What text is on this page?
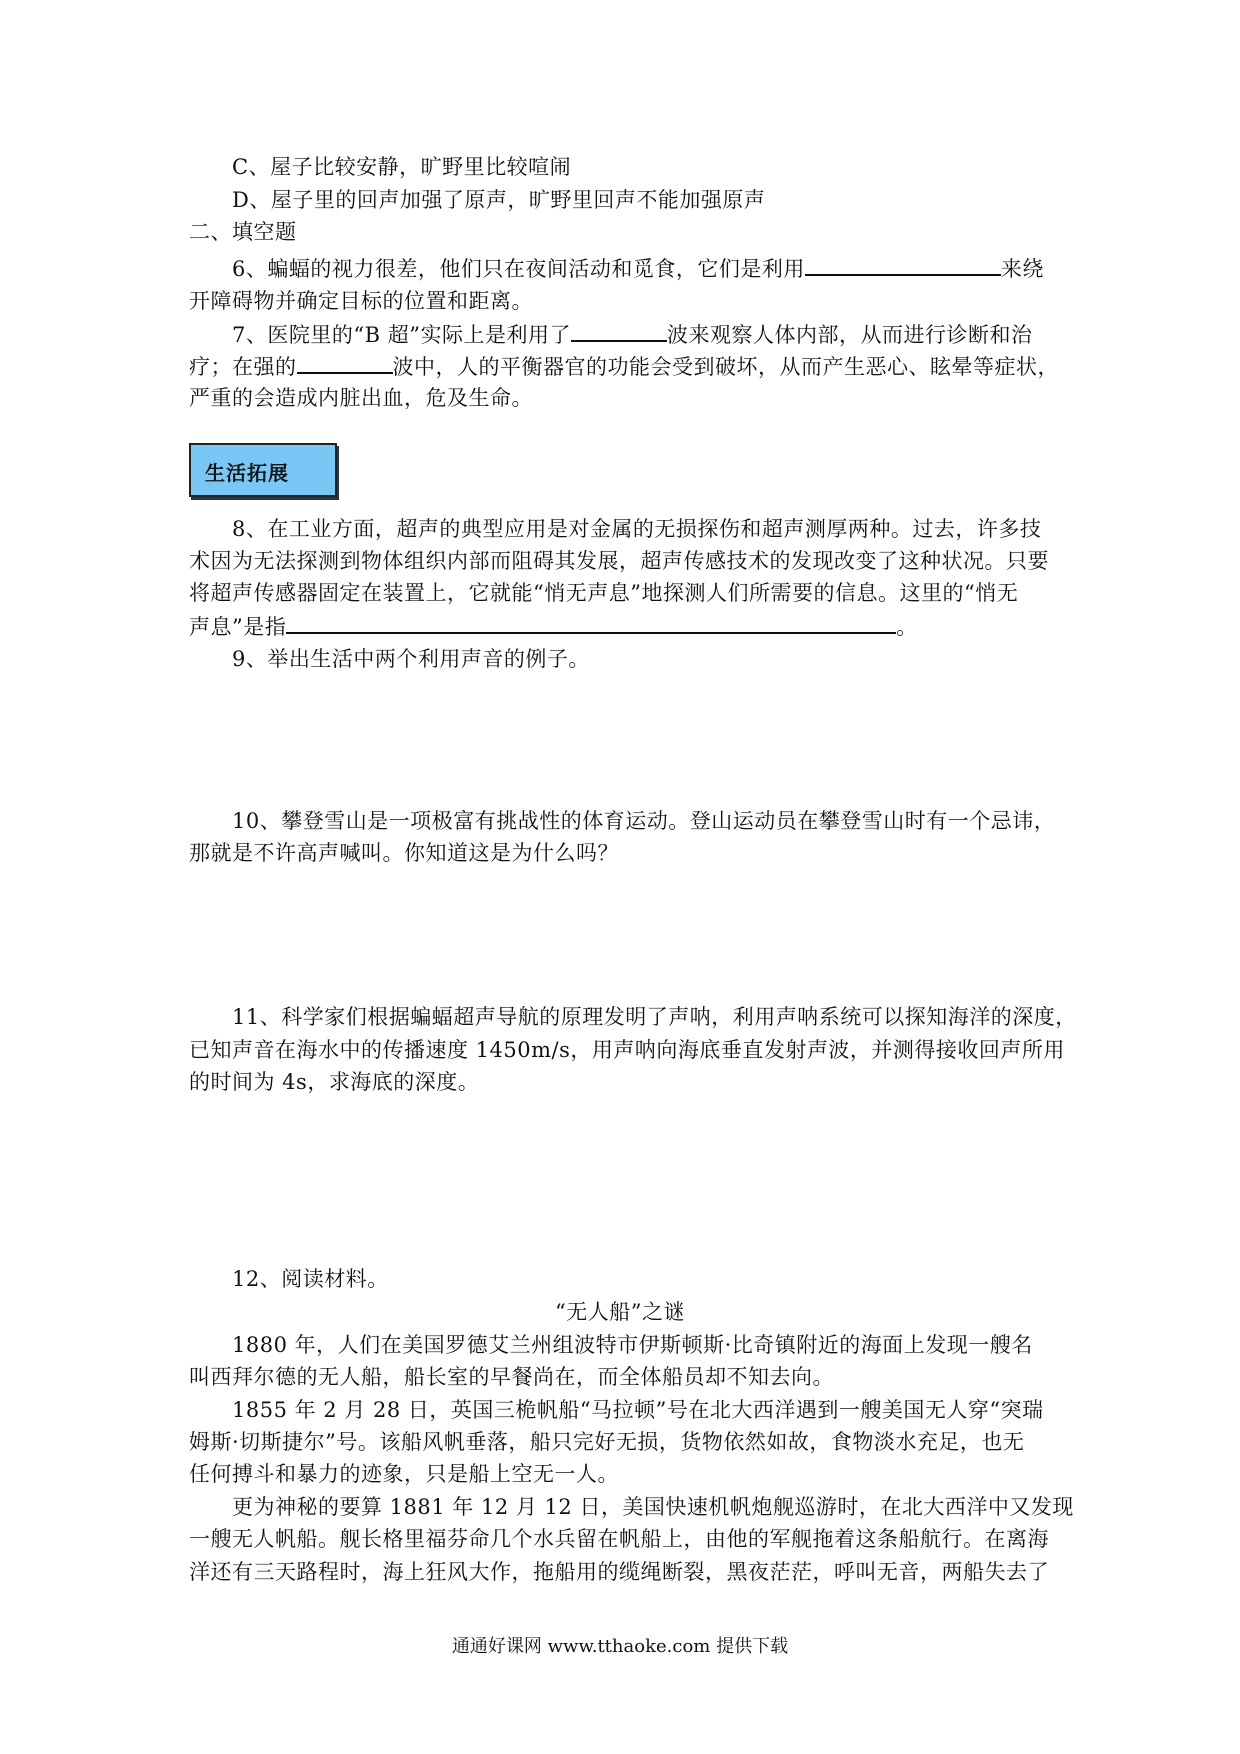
C、屋子比较安静，旷野里比较喧闹
D、屋子里的回声加强了原声，旷野里回声不能加强原声
二、填空题
6、蝙蝠的视力很差，他们只在夜间活动和觅食，它们是利用	来绕
开障碍物并确定目标的位置和距离。
7、医院里的“B 超”实际上是利用了	波来观察人体内部，从而进行诊断和治
疗；在强的	波中，人的平衡器官的功能会受到破坏，从而产生恶心、眩晕等症状，
严重的会造成内脏出血，危及生命。
生活拓展
8、在工业方面，超声的典型应用是对金属的无损探伤和超声测厚两种。过去，许多技
术因为无法探测到物体组织内部而阻碍其发展，超声传感技术的发现改变了这种状况。只要
将超声传感器固定在装置上，它就能“悄无声息”地探测人们所需要的信息。这里的“悄无
声息”是指	。
9、举出生活中两个利用声音的例子。
10、攀登雪山是一项极富有挑战性的体育运动。登山运动员在攀登雪山时有一个忌讳，
那就是不许高声喊叫。你知道这是为什么吗？
11、科学家们根据蝙蝠超声导航的原理发明了声呐，利用声呐系统可以探知海洋的深度，
已知声音在海水中的传播速度 1450m/s，用声呐向海底垂直发射声波，并测得接收回声所用
的时间为 4s，求海底的深度。
12、阅读材料。
“无人船”之谜
1880 年，人们在美国罗德艾兰州组波特市伊斯顿斯·比奇镇附近的海面上发现一艘名
叫西拜尔德的无人船，船长室的早餐尚在，而全体船员却不知去向。
1855 年 2 月 28 日，英国三桅帆船“马拉顿”号在北大西洋遇到一艘美国无人穿“突瑞
姆斯·切斯捷尔”号。该船风帆垂落，船只完好无损，货物依然如故，食物淡水充足，也无
任何搏斗和暴力的迹象，只是船上空无一人。
更为神秘的要算 1881 年 12 月 12 日，美国快速机帆炮舰巡游时，在北大西洋中又发现
一艘无人帆船。舰长格里福芬命几个水兵留在帆船上，由他的军舰拖着这条船航行。在离海
洋还有三天路程时，海上狂风大作，拖船用的缆绳断裂，黑夜茫茫，呼叫无音，两船失去了
通通好课网 www.tthaoke.com 提供下载
